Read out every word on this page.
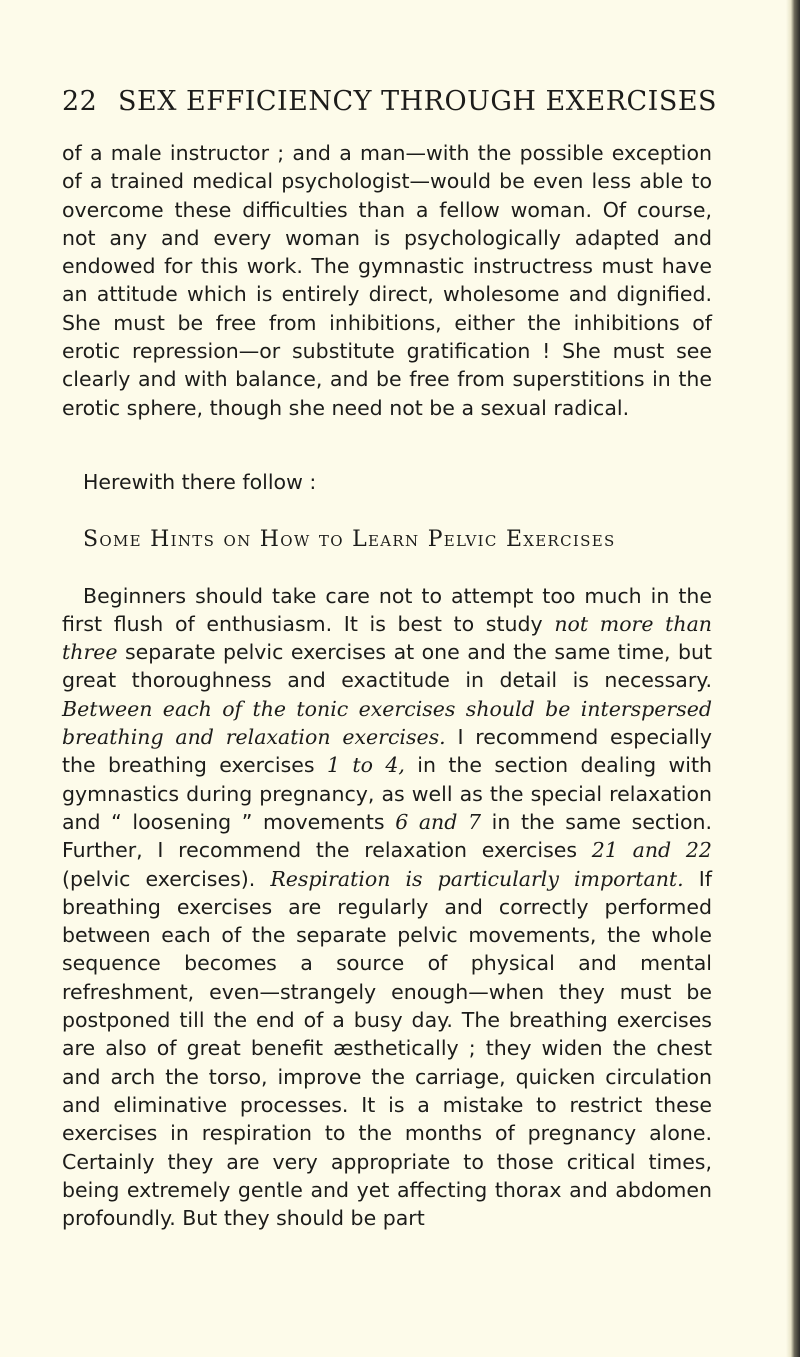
22 SEX EFFICIENCY THROUGH EXERCISES

of a male instructor ; and a man—with the possible exception of a trained medical psychologist—would be even less able to overcome these difficulties than a fellow woman. Of course, not any and every woman is psychologically adapted and endowed for this work. The gymnastic instructress must have an attitude which is entirely direct, wholesome and dignified. She must be free from inhibitions, either the inhibitions of erotic repression—or substitute gratification ! She must see clearly and with balance, and be free from superstitions in the erotic sphere, though she need not be a sexual radical.

Herewith there follow :

Some Hints on How to Learn Pelvic Exercises

Beginners should take care not to attempt too much in the first flush of enthusiasm. It is best to study not more than three separate pelvic exercises at one and the same time, but great thoroughness and exactitude in detail is necessary. Between each of the tonic exercises should be interspersed breathing and relaxation exercises. I recommend especially the breathing exercises 1 to 4, in the section dealing with gymnastics during pregnancy, as well as the special relaxation and “ loosening ” movements 6 and 7 in the same section. Further, I recommend the relaxation exercises 21 and 22 (pelvic exercises). Respiration is particularly important. If breathing exercises are regularly and correctly performed between each of the separate pelvic movements, the whole sequence becomes a source of physical and mental refreshment, even—strangely enough—when they must be postponed till the end of a busy day. The breathing exercises are also of great benefit æsthetically ; they widen the chest and arch the torso, improve the carriage, quicken circulation and eliminative processes. It is a mistake to restrict these exercises in respiration to the months of pregnancy alone. Certainly they are very appropriate to those critical times, being extremely gentle and yet affecting thorax and abdomen profoundly. But they should be part
